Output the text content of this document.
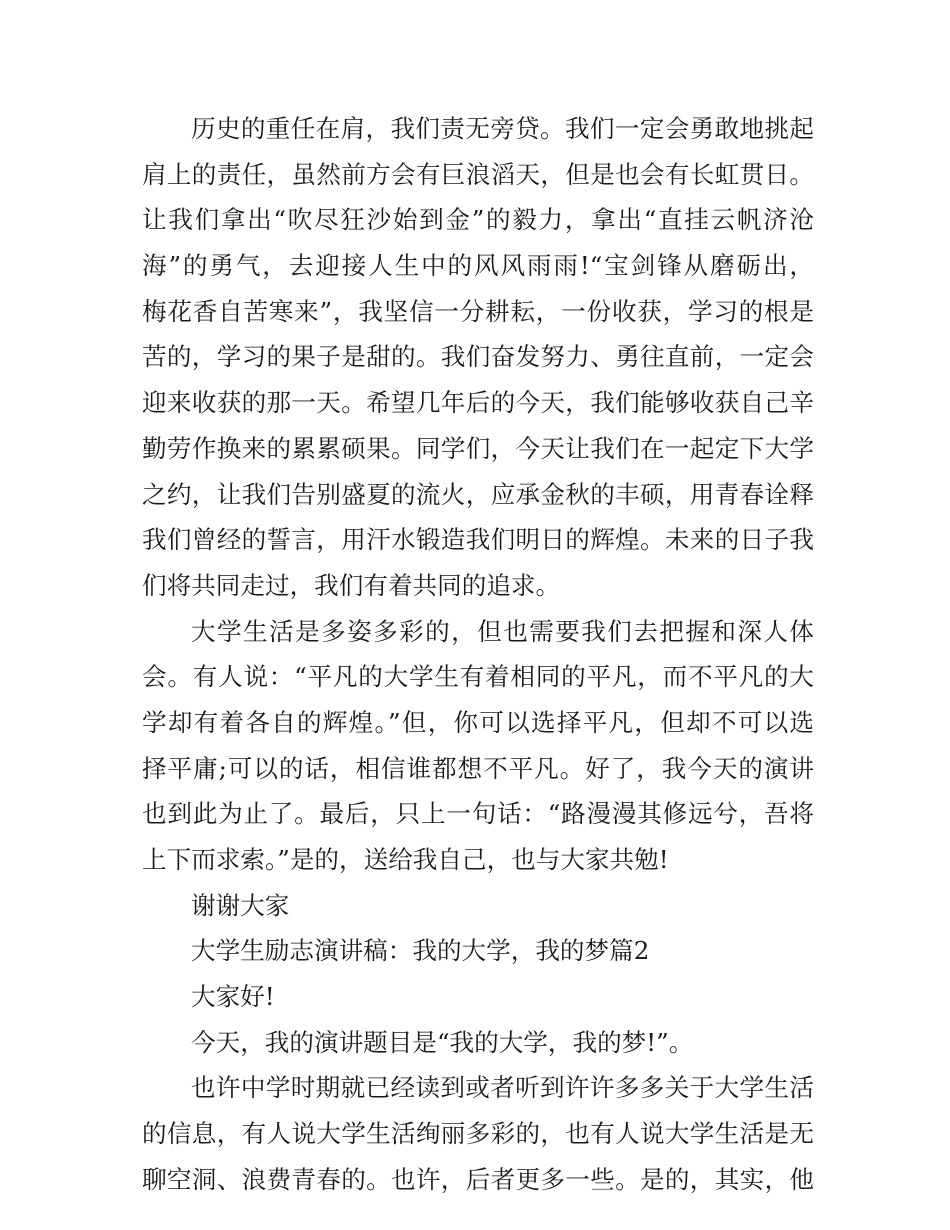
历史的重任在肩，我们责无旁贷。我们一定会勇敢地挑起
肩上的责任，虽然前方会有巨浪滔天，但是也会有长虹贯日。
让我们拿出“吹尽狂沙始到金”的毅力，拿出“直挂云帆济沧
海”的勇气，去迎接人生中的风风雨雨!“宝剑锋从磨砺出，
梅花香自苦寒来”，我坚信一分耕耘，一份收获，学习的根是
苦的，学习的果子是甜的。我们奋发努力、勇往直前，一定会
迎来收获的那一天。希望几年后的今天，我们能够收获自己辛
勤劳作换来的累累硕果。同学们，今天让我们在一起定下大学
之约，让我们告别盛夏的流火，应承金秋的丰硕，用青春诠释
我们曾经的誓言，用汗水锻造我们明日的辉煌。未来的日子我
们将共同走过，我们有着共同的追求。
大学生活是多姿多彩的，但也需要我们去把握和深人体
会。有人说：“平凡的大学生有着相同的平凡，而不平凡的大
学却有着各自的辉煌。”但，你可以选择平凡，但却不可以选
择平庸;可以的话，相信谁都想不平凡。好了，我今天的演讲
也到此为止了。最后，只上一句话：“路漫漫其修远兮，吾将
上下而求索。”是的，送给我自己，也与大家共勉!
谢谢大家
大学生励志演讲稿：我的大学，我的梦篇2
大家好!
今天，我的演讲题目是“我的大学，我的梦!”。
也许中学时期就已经读到或者听到许许多多关于大学生活
的信息，有人说大学生活绚丽多彩的，也有人说大学生活是无
聊空洞、浪费青春的。也许，后者更多一些。是的，其实，他
